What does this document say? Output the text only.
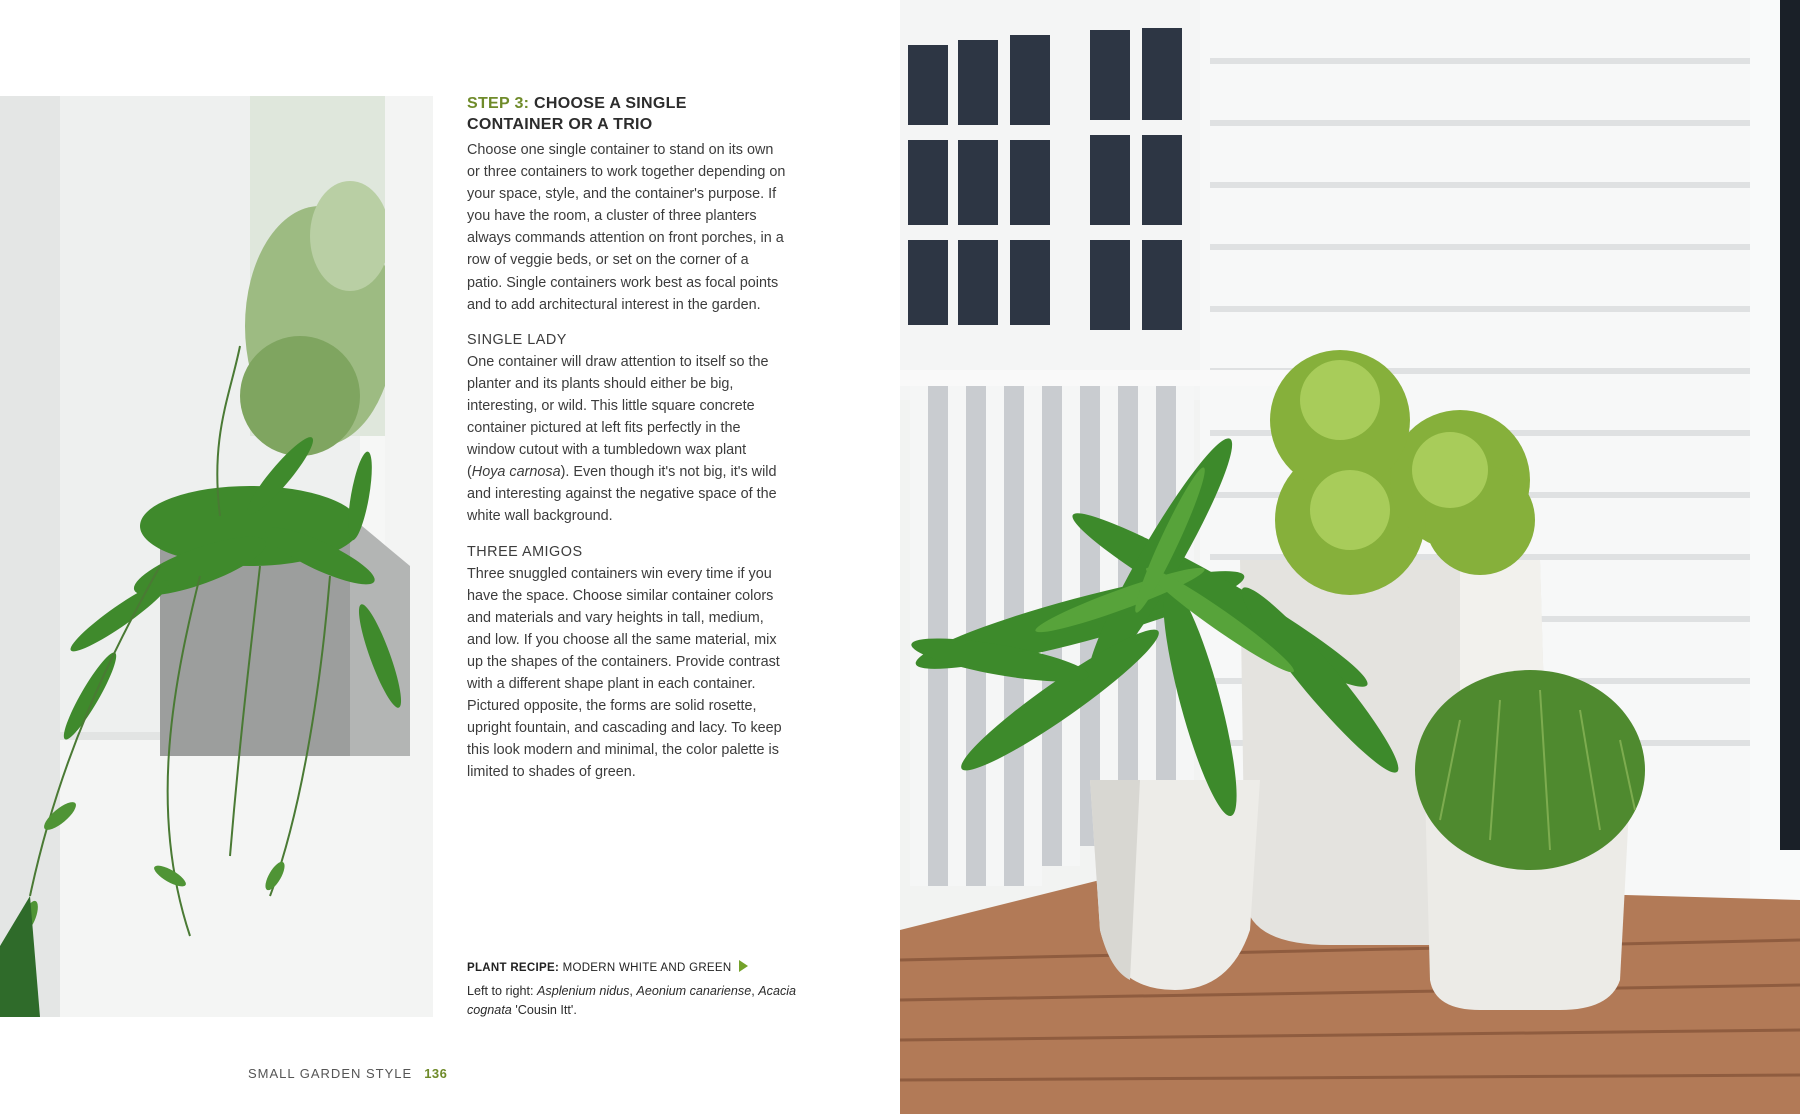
STEP 3: CHOOSE A SINGLE CONTAINER OR A TRIO

Choose one single container to stand on its own or three containers to work together depending on your space, style, and the container's purpose. If you have the room, a cluster of three planters always commands attention on front porches, in a row of veggie beds, or set on the corner of a patio. Single containers work best as focal points and to add architectural interest in the garden.

SINGLE LADY

One container will draw attention to itself so the planter and its plants should either be big, interesting, or wild. This little square concrete container pictured at left fits perfectly in the window cutout with a tumbledown wax plant (Hoya carnosa). Even though it's not big, it's wild and interesting against the negative space of the white wall background.

THREE AMIGOS

Three snuggled containers win every time if you have the space. Choose similar container colors and materials and vary heights in tall, medium, and low. If you choose all the same material, mix up the shapes of the containers. Provide contrast with a different shape plant in each container. Pictured opposite, the forms are solid rosette, upright fountain, and cascading and lacy. To keep this look modern and minimal, the color palette is limited to shades of green.

PLANT RECIPE: MODERN WHITE AND GREEN

Left to right: Asplenium nidus, Aeonium canariense, Acacia cognata 'Cousin Itt'.

SMALL GARDEN STYLE 136
